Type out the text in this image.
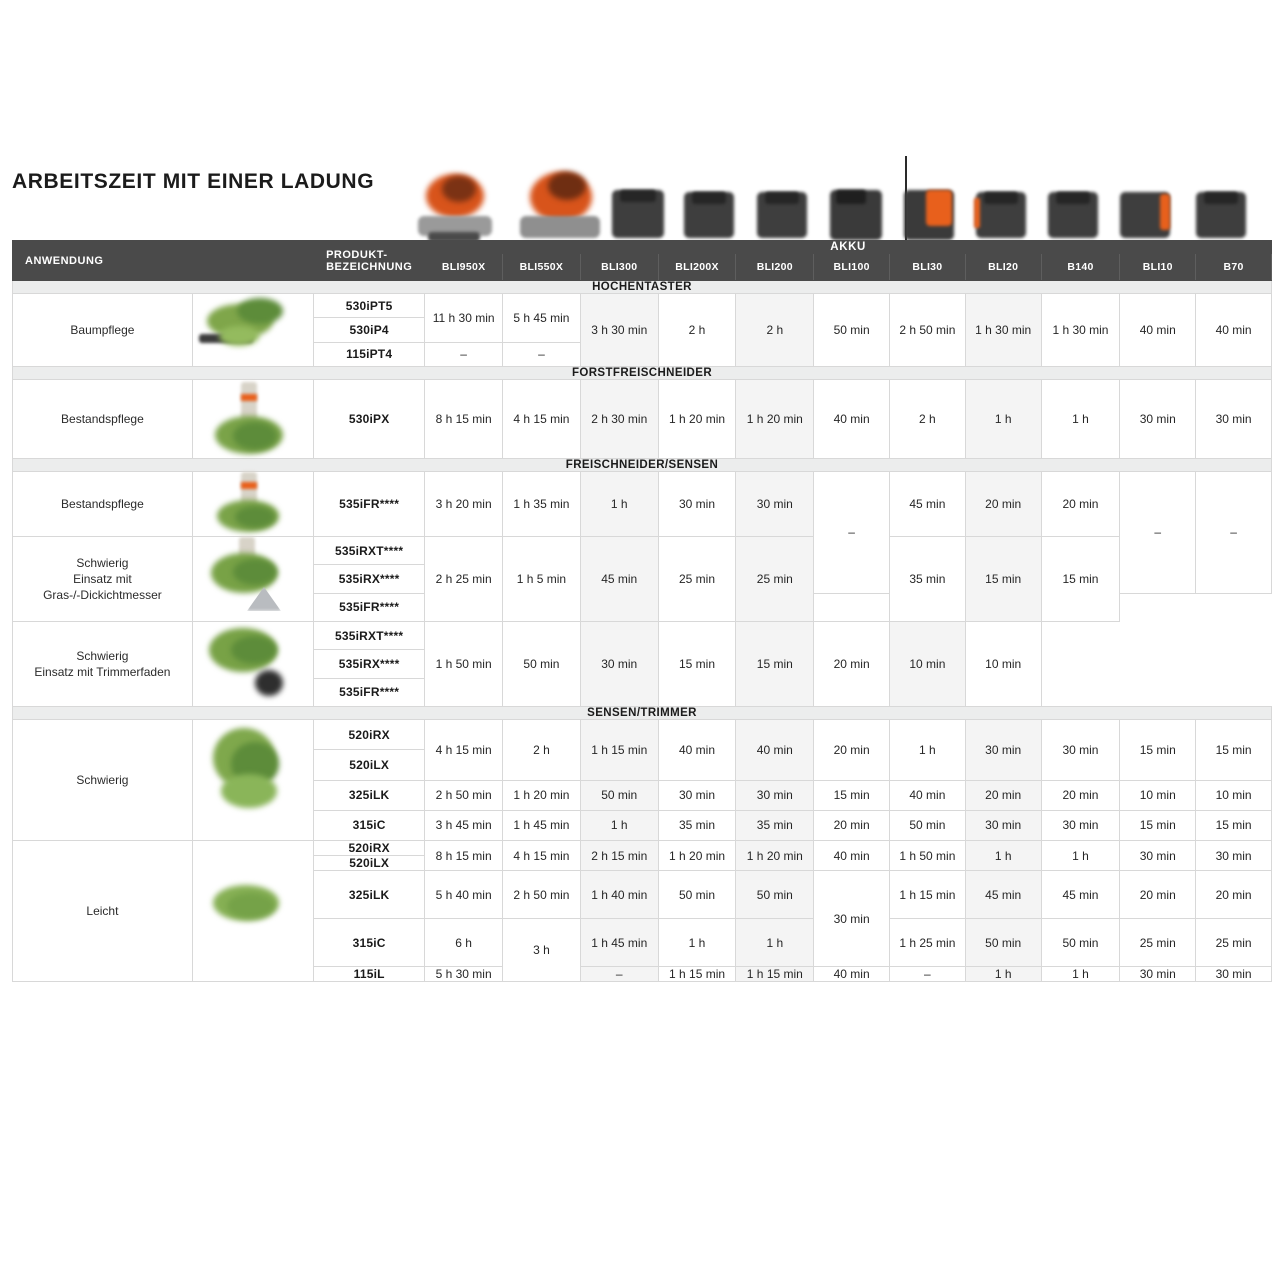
ARBEITSZEIT MIT EINER LADUNG
ANWENDUNG		PRODUKT-
BEZEICHNUNG	AKKU										
			BLI950X	BLI550X	BLI300	BLI200X	BLI200	BLI100	BLI30	BLI20	B140	BLI10	B70
HOCHENTASTER													
Baumpflege		530iPT5	11 h 30 min	5 h 45 min	3 h 30 min	2 h	2 h	50 min	2 h 50 min	1 h 30 min	1 h 30 min	40 min	40 min
		530iP4											
		115iPT4	–	–									
FORSTFREISCHNEIDER													
Bestandspflege		530iPX	8 h 15 min	4 h 15 min	2 h 30 min	1 h 20 min	1 h 20 min	40 min	2 h	1 h	1 h	30 min	30 min
FREISCHNEIDER/SENSEN													
Bestandspflege		535iFR****	3 h 20 min	1 h 35 min	1 h	30 min	30 min	–	45 min	20 min	20 min	–	–

Schwierig
Einsatz mit
Gras-/-Dickichtmesser		535iRXT****	2 h 25 min	1 h 5 min	45 min	25 min	25 min		35 min	15 min	15 min		
		535iRX****											
		535iFR****											

Schwierig
Einsatz mit Trimmerfaden		535iRXT****	1 h 50 min	50 min	30 min	15 min	15 min	20 min	10 min	10 min			
		535iRX****											
		535iFR****											
SENSEN/TRIMMER													
Schwierig		520iRX	4 h 15 min	2 h	1 h 15 min	40 min	40 min	20 min	1 h	30 min	30 min	15 min	15 min
		520iLX											
		325iLK	2 h 50 min	1 h 20 min	50 min	30 min	30 min	15 min	40 min	20 min	20 min	10 min	10 min
		315iC	3 h 45 min	1 h 45 min	1 h	35 min	35 min	20 min	50 min	30 min	30 min	15 min	15 min
Leicht		520iRX	8 h 15 min	4 h 15 min	2 h 15 min	1 h 20 min	1 h 20 min	40 min	1 h 50 min	1 h	1 h	30 min	30 min
		520iLX											
		325iLK	5 h 40 min	2 h 50 min	1 h 40 min	50 min	50 min	30 min	1 h 15 min	45 min	45 min	20 min	20 min
		315iC	6 h	3 h	1 h 45 min	1 h	1 h		1 h 25 min	50 min	50 min	25 min	25 min
		115iL	5 h 30 min		–	1 h 15 min	1 h 15 min	40 min	–	1 h	1 h	30 min	30 min
